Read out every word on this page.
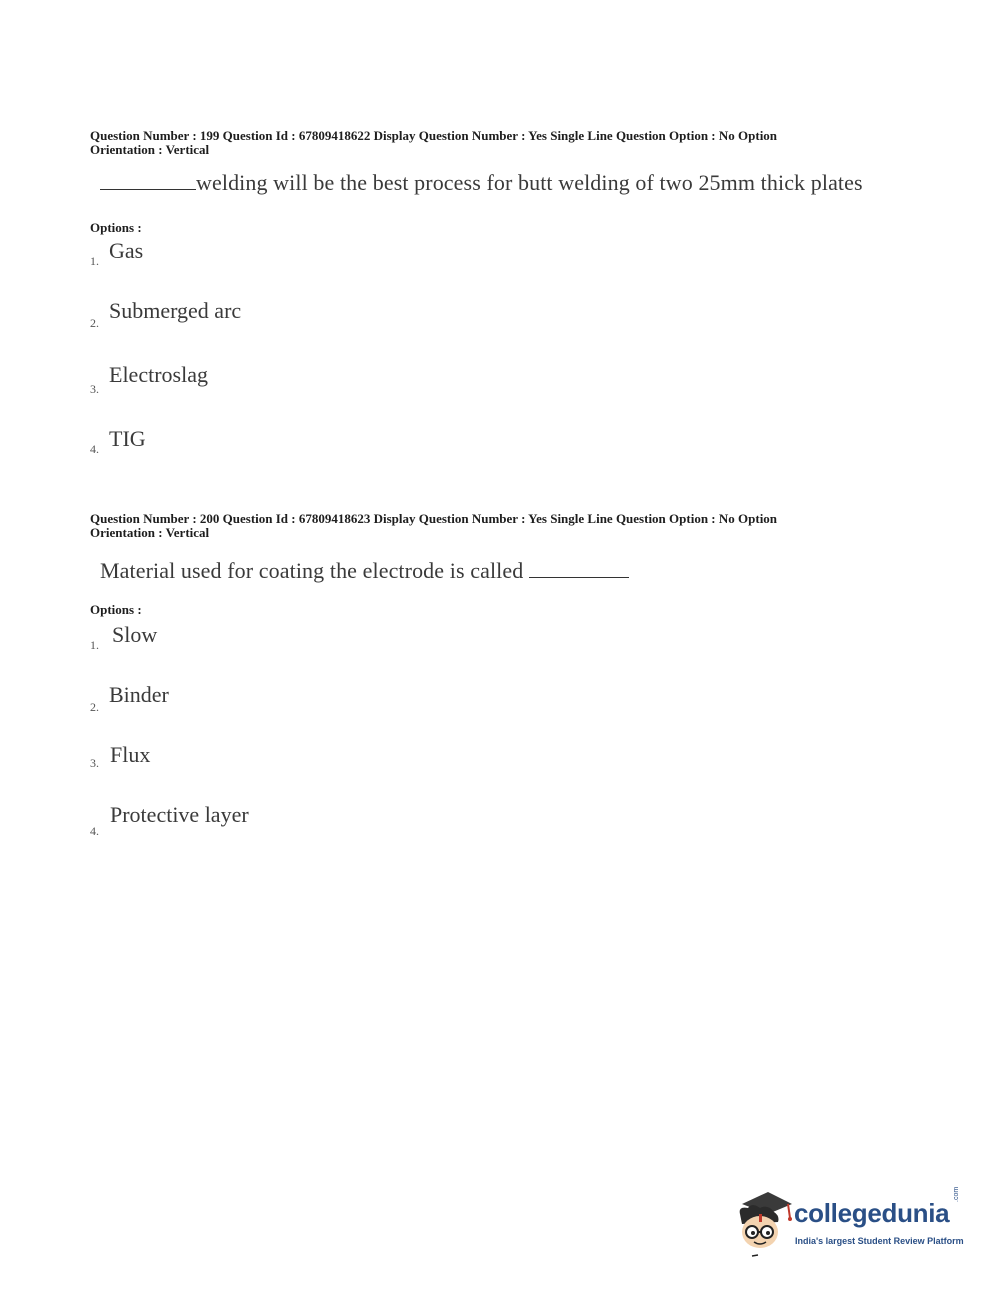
Question Number : 199 Question Id : 67809418622 Display Question Number : Yes Single Line Question Option : No Option
Orientation : Vertical
welding will be the best process for butt welding of two 25mm thick plates
Options :
1. Gas
2. Submerged arc
3.
Electroslag
4. TIG
Question Number : 200 Question Id : 67809418623 Display Question Number : Yes Single Line Question Option : No Option
Orientation : Vertical
Material used for coating the electrode is called
Options :
1. Slow
2. Binder
3. Flux
4.
Protective layer
collegedunia
.com
India's largest Student Review Platform
